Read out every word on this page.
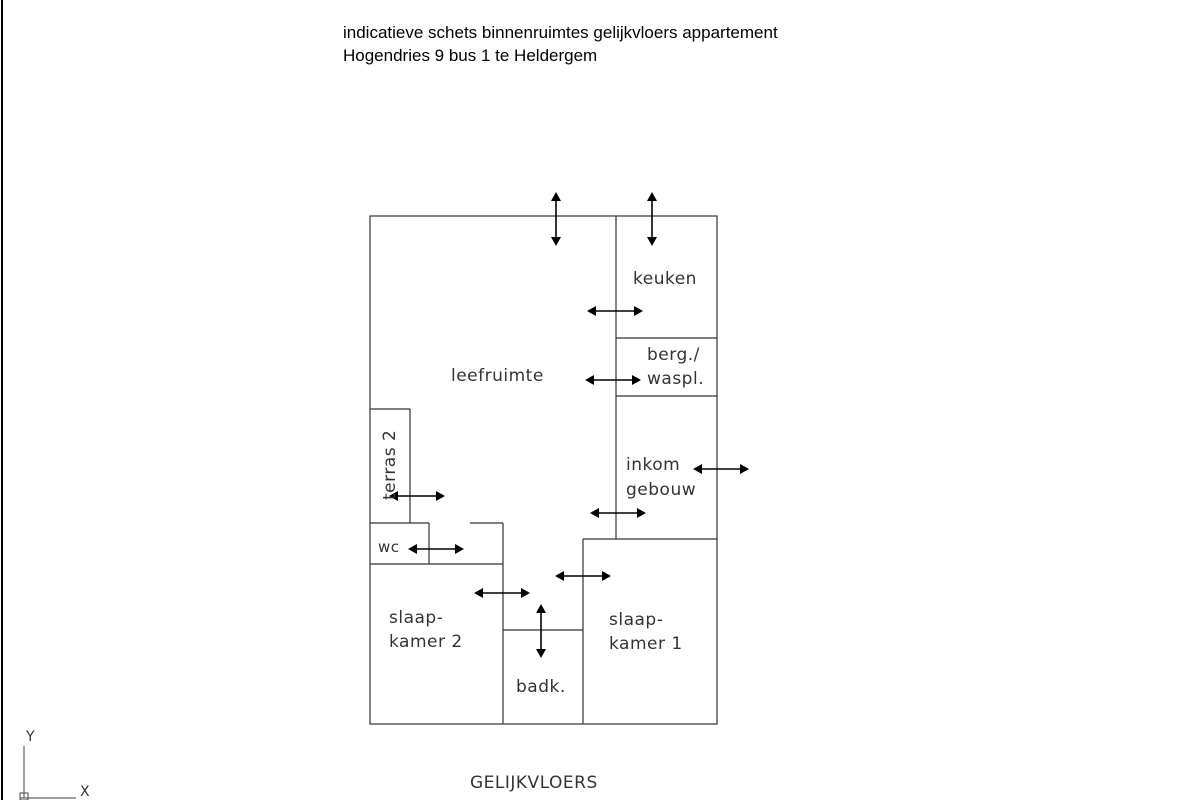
indicatieve schets binnenruimtes gelijkvloers appartement
Hogendries 9 bus 1 te Heldergem
keuken
berg./
waspl.
leefruimte
terras 2	inkom
gebouw
wc
slaap-
kamer 2
slaap-
kamer 1
badk.
GELIJKVLOERS
Y
X
